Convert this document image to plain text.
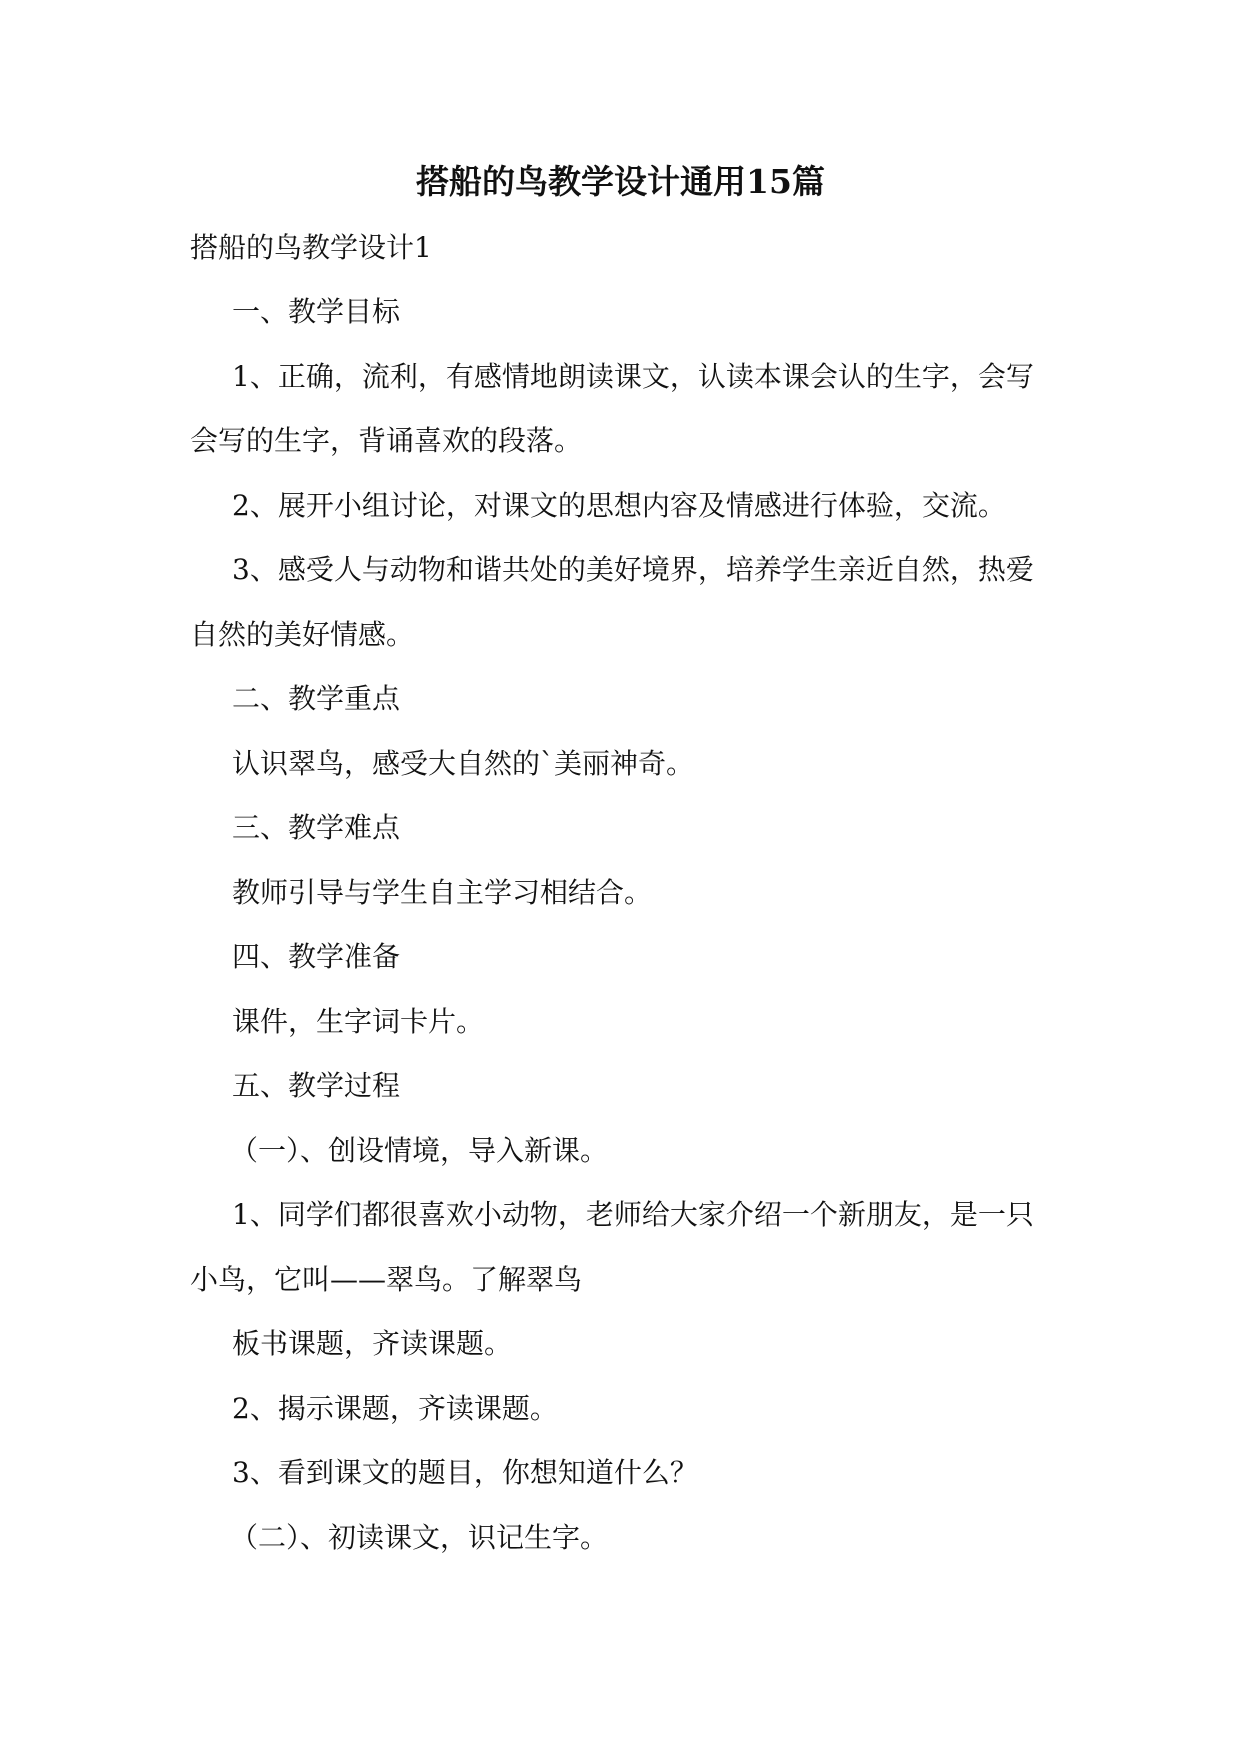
搭船的鸟教学设计通用15篇
搭船的鸟教学设计1
一、教学目标
1、正确，流利，有感情地朗读课文，认读本课会认的生字，会写
会写的生字，背诵喜欢的段落。
2、展开小组讨论，对课文的思想内容及情感进行体验，交流。
3、感受人与动物和谐共处的美好境界，培养学生亲近自然，热爱
自然的美好情感。
二、教学重点
认识翠鸟，感受大自然的`美丽神奇。
三、教学难点
教师引导与学生自主学习相结合。
四、教学准备
课件，生字词卡片。
五、教学过程
（一）、创设情境，导入新课。
1、同学们都很喜欢小动物，老师给大家介绍一个新朋友，是一只
小鸟，它叫——翠鸟。了解翠鸟
板书课题，齐读课题。
2、揭示课题，齐读课题。
3、看到课文的题目，你想知道什么？
（二）、初读课文，识记生字。
